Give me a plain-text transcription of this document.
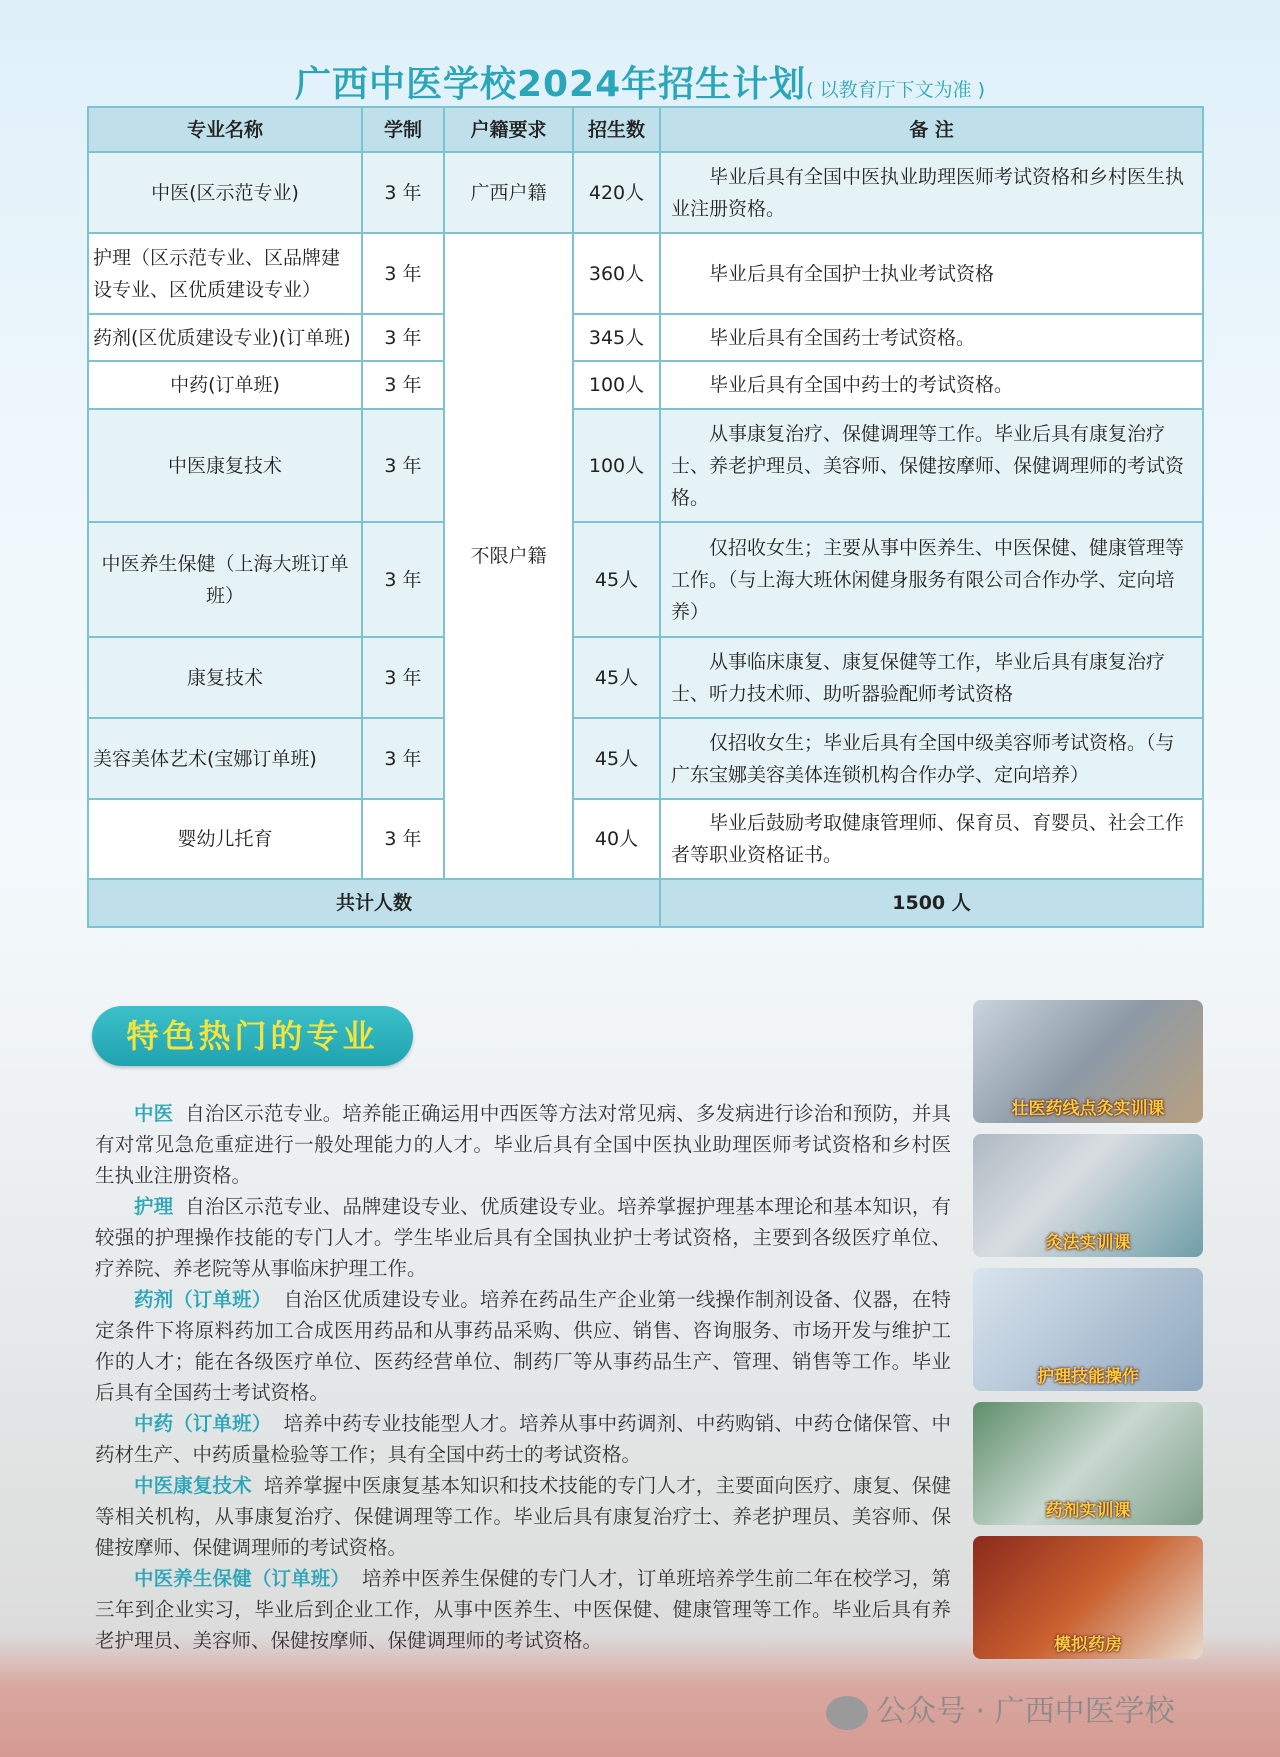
广西中医学校2024年招生计划( 以教育厅下文为准 )
专业名称	学制	户籍要求	招生数	备 注
中医(区示范专业)	3 年	广西户籍	420人	毕业后具有全国中医执业助理医师考试资格和乡村医生执业注册资格。
护理（区示范专业、区品牌建设专业、区优质建设专业）	3 年	不限户籍	360人	毕业后具有全国护士执业考试资格
药剂(区优质建设专业)(订单班)	3 年		345人	毕业后具有全国药士考试资格。
中药(订单班)	3 年		100人	毕业后具有全国中药士的考试资格。
中医康复技术	3 年		100人	从事康复治疗、保健调理等工作。毕业后具有康复治疗士、养老护理员、美容师、保健按摩师、保健调理师的考试资格。
中医养生保健（上海大班订单班）	3 年		45人	仅招收女生；主要从事中医养生、中医保健、健康管理等工作。（与上海大班休闲健身服务有限公司合作办学、定向培养）
康复技术	3 年		45人	从事临床康复、康复保健等工作，毕业后具有康复治疗士、听力技术师、助听器验配师考试资格
美容美体艺术(宝娜订单班)	3 年		45人	仅招收女生；毕业后具有全国中级美容师考试资格。（与广东宝娜美容美体连锁机构合作办学、定向培养）
婴幼儿托育	3 年		40人	毕业后鼓励考取健康管理师、保育员、育婴员、社会工作者等职业资格证书。
共计人数				1500 人
特色热门的专业

中医 自治区示范专业。培养能正确运用中西医等方法对常见病、多发病进行诊治和预防，并具有对常见急危重症进行一般处理能力的人才。毕业后具有全国中医执业助理医师考试资格和乡村医生执业注册资格。

护理 自治区示范专业、品牌建设专业、优质建设专业。培养掌握护理基本理论和基本知识，有较强的护理操作技能的专门人才。学生毕业后具有全国执业护士考试资格，主要到各级医疗单位、疗养院、养老院等从事临床护理工作。

药剂（订单班） 自治区优质建设专业。培养在药品生产企业第一线操作制剂设备、仪器，在特定条件下将原料药加工合成医用药品和从事药品采购、供应、销售、咨询服务、市场开发与维护工作的人才；能在各级医疗单位、医药经营单位、制药厂等从事药品生产、管理、销售等工作。毕业后具有全国药士考试资格。

中药（订单班） 培养中药专业技能型人才。培养从事中药调剂、中药购销、中药仓储保管、中药材生产、中药质量检验等工作；具有全国中药士的考试资格。

中医康复技术 培养掌握中医康复基本知识和技术技能的专门人才，主要面向医疗、康复、保健等相关机构，从事康复治疗、保健调理等工作。毕业后具有康复治疗士、养老护理员、美容师、保健按摩师、保健调理师的考试资格。

中医养生保健（订单班） 培养中医养生保健的专门人才，订单班培养学生前二年在校学习，第三年到企业实习，毕业后到企业工作，从事中医养生、中医保健、健康管理等工作。毕业后具有养老护理员、美容师、保健按摩师、保健调理师的考试资格。

壮医药线点灸实训课
灸法实训课
护理技能操作
药剂实训课
模拟药房
公众号 · 广西中医学校
